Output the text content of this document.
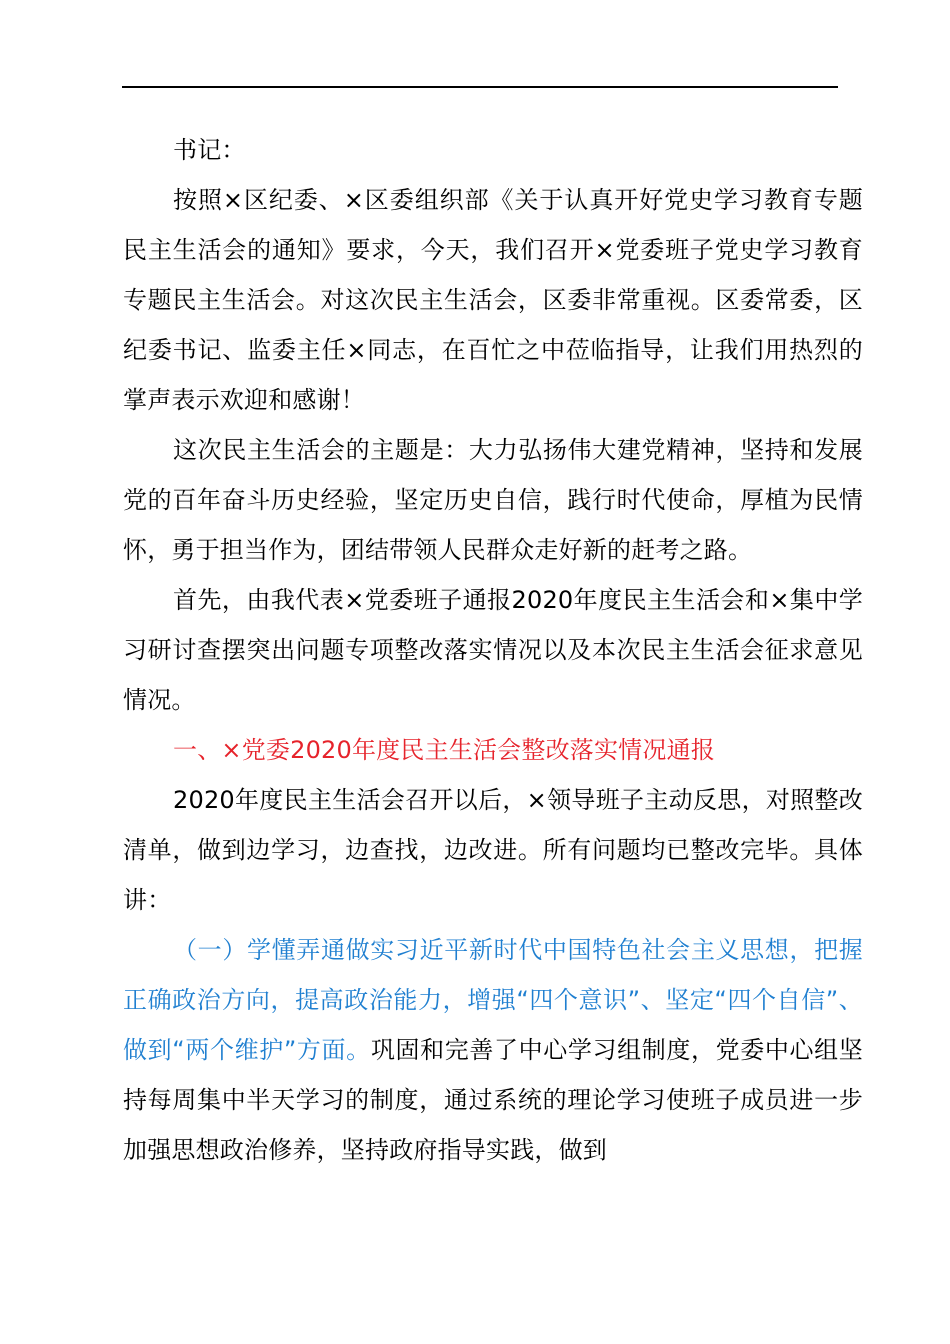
书记：

按照×区纪委、×区委组织部《关于认真开好党史学习教育专题民主生活会的通知》要求，今天，我们召开×党委班子党史学习教育专题民主生活会。对这次民主生活会，区委非常重视。区委常委，区纪委书记、监委主任×同志，在百忙之中莅临指导，让我们用热烈的掌声表示欢迎和感谢！

这次民主生活会的主题是：大力弘扬伟大建党精神，坚持和发展党的百年奋斗历史经验，坚定历史自信，践行时代使命，厚植为民情怀，勇于担当作为，团结带领人民群众走好新的赶考之路。

首先，由我代表×党委班子通报2020年度民主生活会和×集中学习研讨查摆突出问题专项整改落实情况以及本次民主生活会征求意见情况。

一、×党委2020年度民主生活会整改落实情况通报

2020年度民主生活会召开以后，×领导班子主动反思，对照整改清单，做到边学习，边查找，边改进。所有问题均已整改完毕。具体讲：

（一）学懂弄通做实习近平新时代中国特色社会主义思想，把握正确政治方向，提高政治能力，增强“四个意识”、坚定“四个自信”、做到“两个维护”方面。巩固和完善了中心学习组制度，党委中心组坚持每周集中半天学习的制度，通过系统的理论学习使班子成员进一步加强思想政治修养，坚持政府指导实践，做到
